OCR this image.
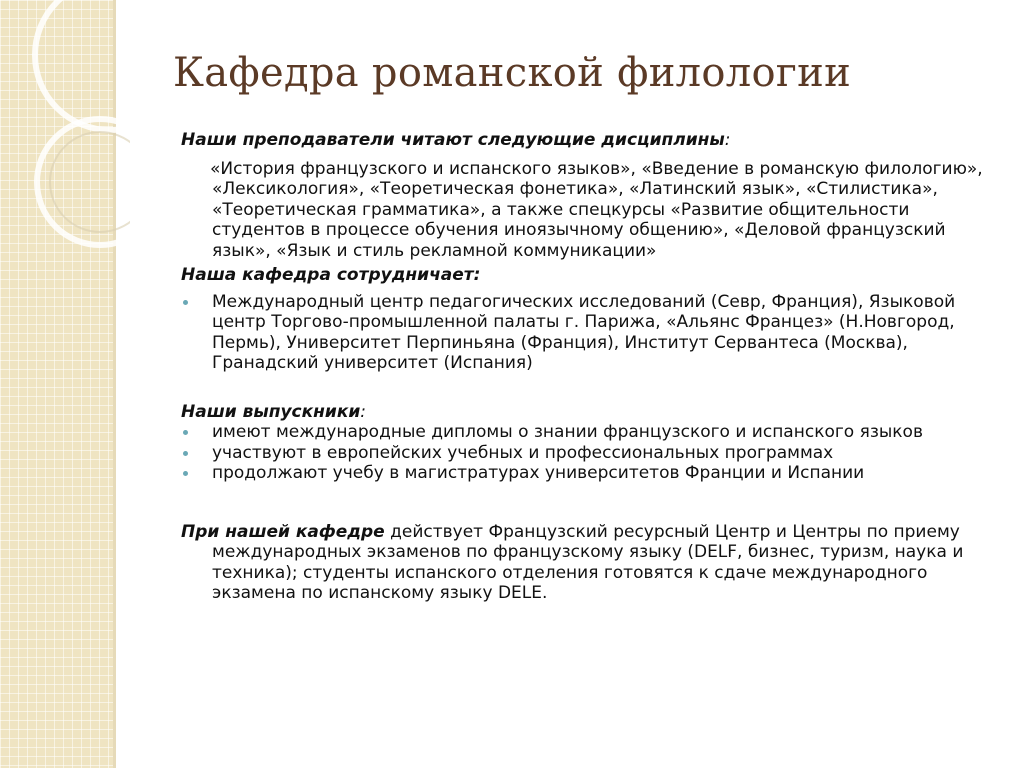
Кафедра романской филологии

Наши преподаватели читают следующие дисциплины:

«История французского и испанского языков», «Введение в романскую филологию», «Лексикология», «Теоретическая фонетика», «Латинский язык», «Стилистика», «Теоретическая грамматика», а также спецкурсы «Развитие общительности студентов в процессе обучения иноязычному общению», «Деловой французский язык», «Язык и стиль рекламной коммуникации»

Наша кафедра сотрудничает:

Международный центр педагогических исследований (Севр, Франция), Языковой центр Торгово-промышленной палаты г. Парижа, «Альянс Францез» (Н.Новгород, Пермь), Университет Перпиньяна (Франция), Институт Сервантеса (Москва), Гранадский университет (Испания)

Наши выпускники:

имеют международные дипломы о знании французского и испанского языков
участвуют в европейских учебных и профессиональных программах
продолжают учебу в магистратурах университетов Франции и Испании

При нашей кафедре действует Французский ресурсный Центр и Центры по приему международных экзаменов по французскому языку (DELF, бизнес, туризм, наука и техника); студенты испанского отделения готовятся к сдаче международного экзамена по испанскому языку DELE.
